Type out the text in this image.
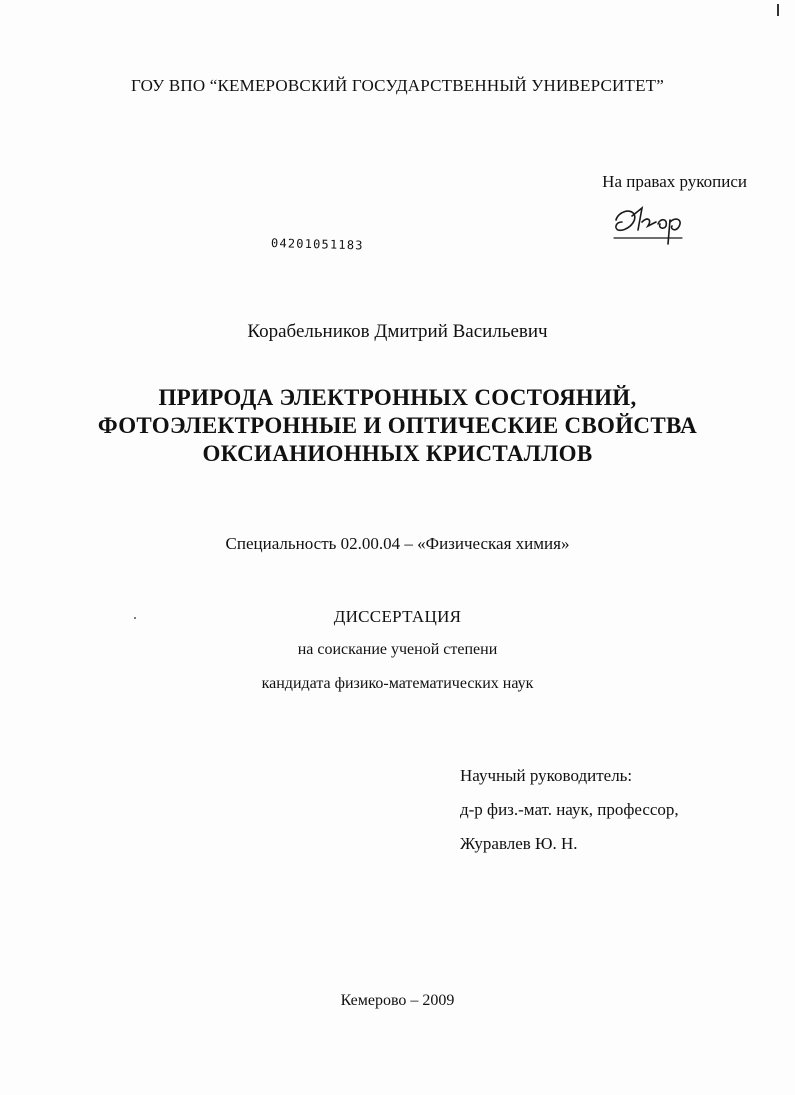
ГОУ ВПО “КЕМЕРОВСКИЙ ГОСУДАРСТВЕННЫЙ УНИВЕРСИТЕТ”
На правах рукописи
04201051183
Корабельников Дмитрий Васильевич
ПРИРОДА ЭЛЕКТРОННЫХ СОСТОЯНИЙ,
ФОТОЭЛЕКТРОННЫЕ И ОПТИЧЕСКИЕ СВОЙСТВА
ОКСИАНИОННЫХ КРИСТАЛЛОВ
Специальность 02.00.04 – «Физическая химия»
ДИССЕРТАЦИЯ
на соискание ученой степени
кандидата физико-математических наук
Научный руководитель:
д-р физ.-мат. наук, профессор,
Журавлев Ю. Н.
Кемерово – 2009
